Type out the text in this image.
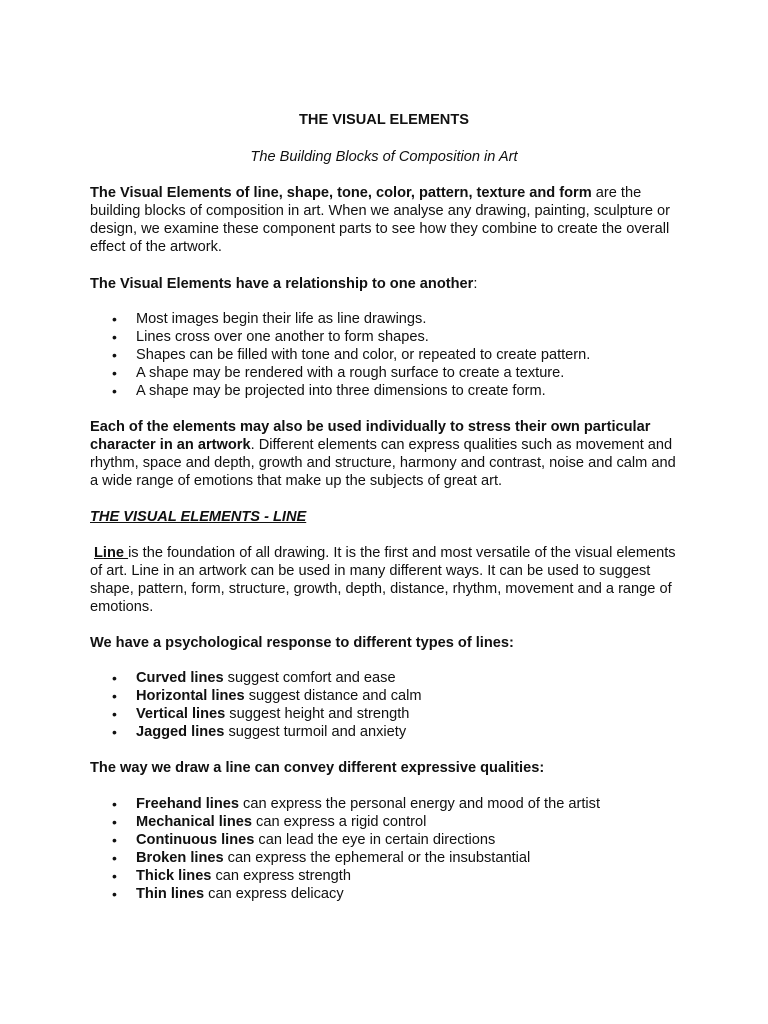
THE VISUAL ELEMENTS
The Building Blocks of Composition in Art

The Visual Elements of line, shape, tone, color, pattern, texture and form are the building blocks of composition in art. When we analyse any drawing, painting, sculpture or design, we examine these component parts to see how they combine to create the overall effect of the artwork.

The Visual Elements have a relationship to one another:

• Most images begin their life as line drawings.
• Lines cross over one another to form shapes.
• Shapes can be filled with tone and color, or repeated to create pattern.
• A shape may be rendered with a rough surface to create a texture.
• A shape may be projected into three dimensions to create form.

Each of the elements may also be used individually to stress their own particular character in an artwork. Different elements can express qualities such as movement and rhythm, space and depth, growth and structure, harmony and contrast, noise and calm and a wide range of emotions that make up the subjects of great art.

THE VISUAL ELEMENTS - LINE

Line is the foundation of all drawing. It is the first and most versatile of the visual elements of art. Line in an artwork can be used in many different ways. It can be used to suggest shape, pattern, form, structure, growth, depth, distance, rhythm, movement and a range of emotions.

We have a psychological response to different types of lines:

• Curved lines suggest comfort and ease
• Horizontal lines suggest distance and calm
• Vertical lines suggest height and strength
• Jagged lines suggest turmoil and anxiety

The way we draw a line can convey different expressive qualities:

• Freehand lines can express the personal energy and mood of the artist
• Mechanical lines can express a rigid control
• Continuous lines can lead the eye in certain directions
• Broken lines can express the ephemeral or the insubstantial
• Thick lines can express strength
• Thin lines can express delicacy
